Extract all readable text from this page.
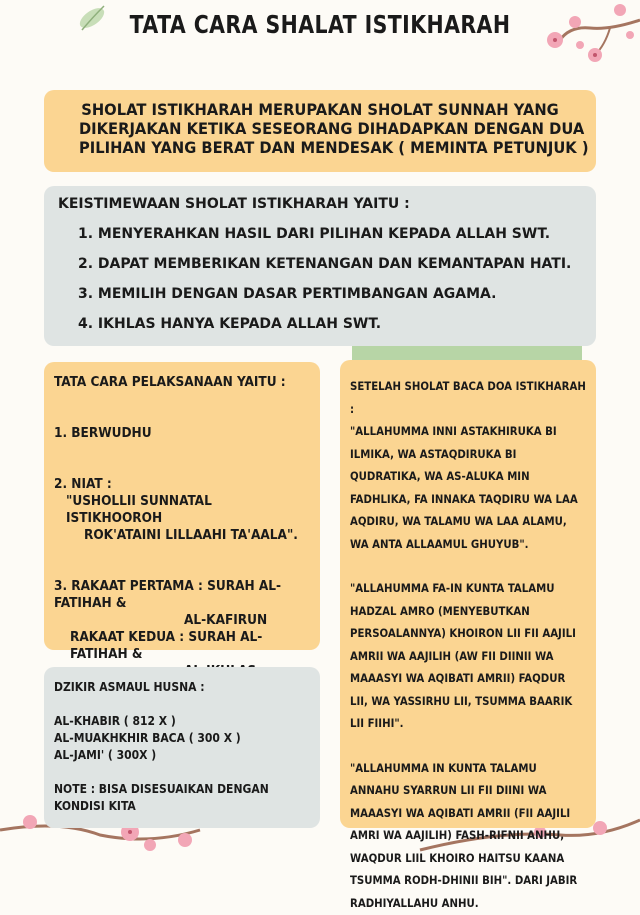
TATA CARA SHALAT ISTIKHARAH
SHOLAT ISTIKHARAH MERUPAKAN SHOLAT SUNNAH YANG
DIKERJAKAN KETIKA SESEORANG DIHADAPKAN DENGAN DUA
PILIHAN YANG BERAT DAN MENDESAK ( MEMINTA PETUNJUK )
KEISTIMEWAAN SHOLAT ISTIKHARAH YAITU :
1. MENYERAHKAN HASIL DARI PILIHAN KEPADA ALLAH SWT.
2. DAPAT MEMBERIKAN KETENANGAN DAN KEMANTAPAN HATI.
3. MEMILIH DENGAN DASAR PERTIMBANGAN AGAMA.
4. IKHLAS HANYA KEPADA ALLAH SWT.

TATA CARA PELAKSANAAN YAITU :

1. BERWUDHU

2. NIAT :

"USHOLLII SUNNATAL ISTIKHOOROH

ROK'ATAINI LILLAAHI TA'AALA".

3. RAKAAT PERTAMA : SURAH AL-FATIHAH &

AL-KAFIRUN

RAKAAT KEDUA : SURAH AL-FATIHAH &

DZIKIR ASMAUL HUSNA :

AL-KHABIR ( 812 X )

AL-MUAKHKHIR BACA ( 300 X )

AL-JAMI' ( 300X )

NOTE : BISA DISESUAIKAN DENGAN KONDISI KITA

SETELAH SHOLAT BACA DOA ISTIKHARAH :

"ALLAHUMMA INNI ASTAKHIRUKA BI ILMIKA, WA ASTAQDIRUKA BI QUDRATIKA, WA AS-ALUKA MIN FADHLIKA, FA INNAKA TAQDIRU WA LAA AQDIRU, WA TALAMU WA LAA ALAMU, WA ANTA ALLAAMUL GHUYUB".

"ALLAHUMMA FA-IN KUNTA TALAMU HADZAL AMRO (MENYEBUTKAN PERSOALANNYA) KHOIRON LII FII AAJILI AMRII WA AAJILIH (AW FII DIINII WA MAAASYI WA AQIBATI AMRII) FAQDUR LII, WA YASSIRHU LII, TSUMMA BAARIK LII FIIHI".

"ALLAHUMMA IN KUNTA TALAMU ANNAHU SYARRUN LII FII DIINI WA MAAASYI WA AQIBATI AMRII (FII AAJILI AMRI WA AAJILIH) FASH-RIFNII ANHU, WAQDUR LIIL KHOIRO HAITSU KAANA TSUMMA RODH-DHINII BIH". DARI JABIR RADHIYALLAHU ANHU.
